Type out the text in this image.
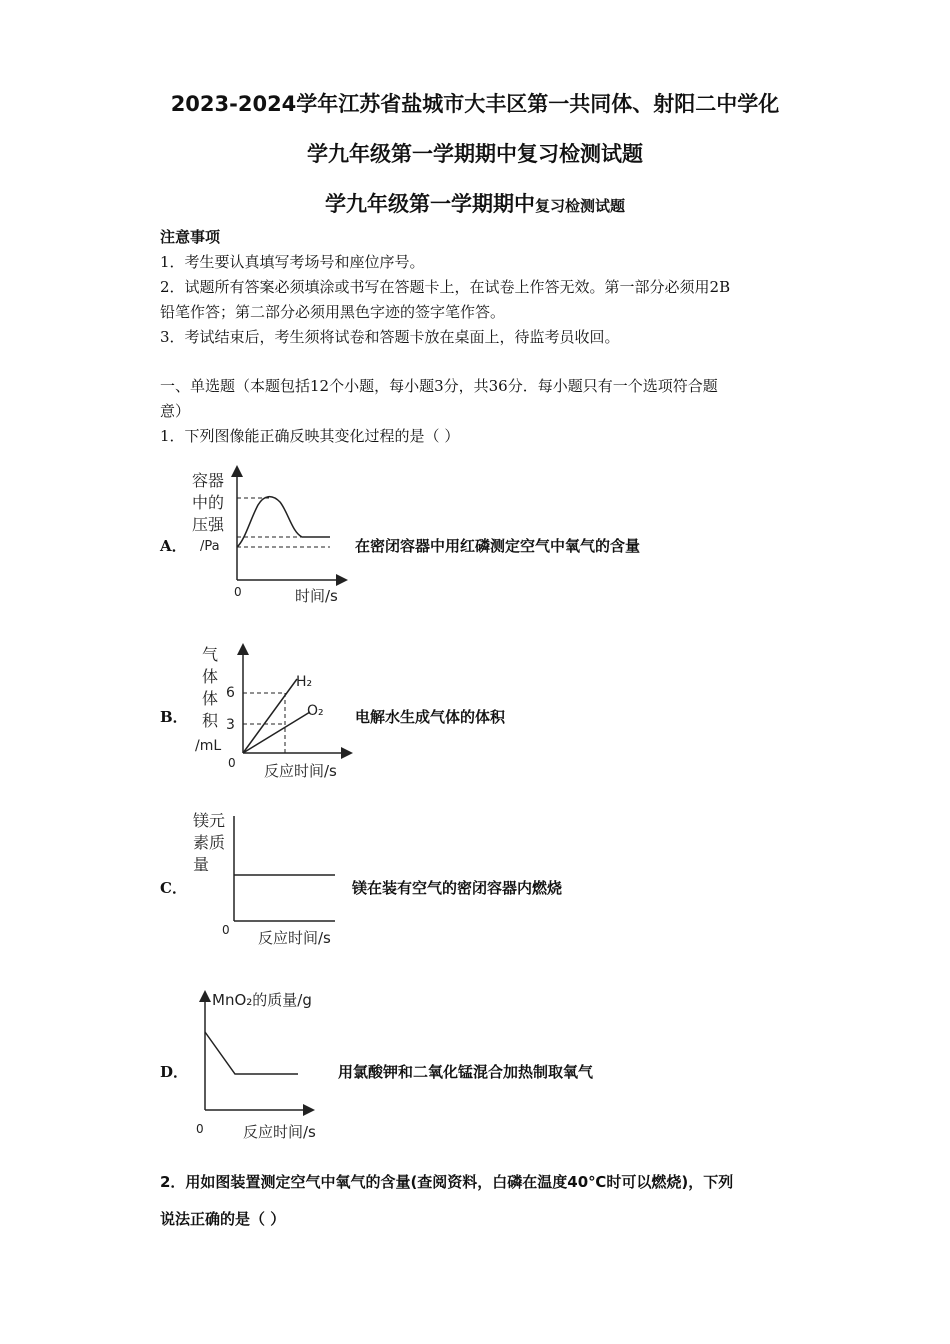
2023-2024学年江苏省盐城市大丰区第一共同体、射阳二中学化
学九年级第一学期期中复习检测试题
学九年级第一学期期中复习检测试题
注意事项
1．考生要认真填写考场号和座位序号。
2．试题所有答案必须填涂或书写在答题卡上，在试卷上作答无效。第一部分必须用2B
铅笔作答；第二部分必须用黑色字迹的签字笔作答。
3．考试结束后，考生须将试卷和答题卡放在桌面上，待监考员收回。
一、单选题（本题包括12个小题，每小题3分，共36分．每小题只有一个选项符合题
意）
1．下列图像能正确反映其变化过程的是（ ）
A．
容器
中的
压强
/Pa
0	时间/s
在密闭容器中用红磷测定空气中氧气的含量
B．
气
体
体
积
/mL
6
3
H₂
O₂
0 反应时间/s
电解水生成气体的体积
C．
镁元
素质
量
0 反应时间/s
镁在装有空气的密闭容器内燃烧
D．
MnO₂的质量/g
0	反应时间/s
用氯酸钾和二氧化锰混合加热制取氧气
2．用如图装置测定空气中氧气的含量(查阅资料，白磷在温度40℃时可以燃烧)，下列
说法正确的是（ ）
